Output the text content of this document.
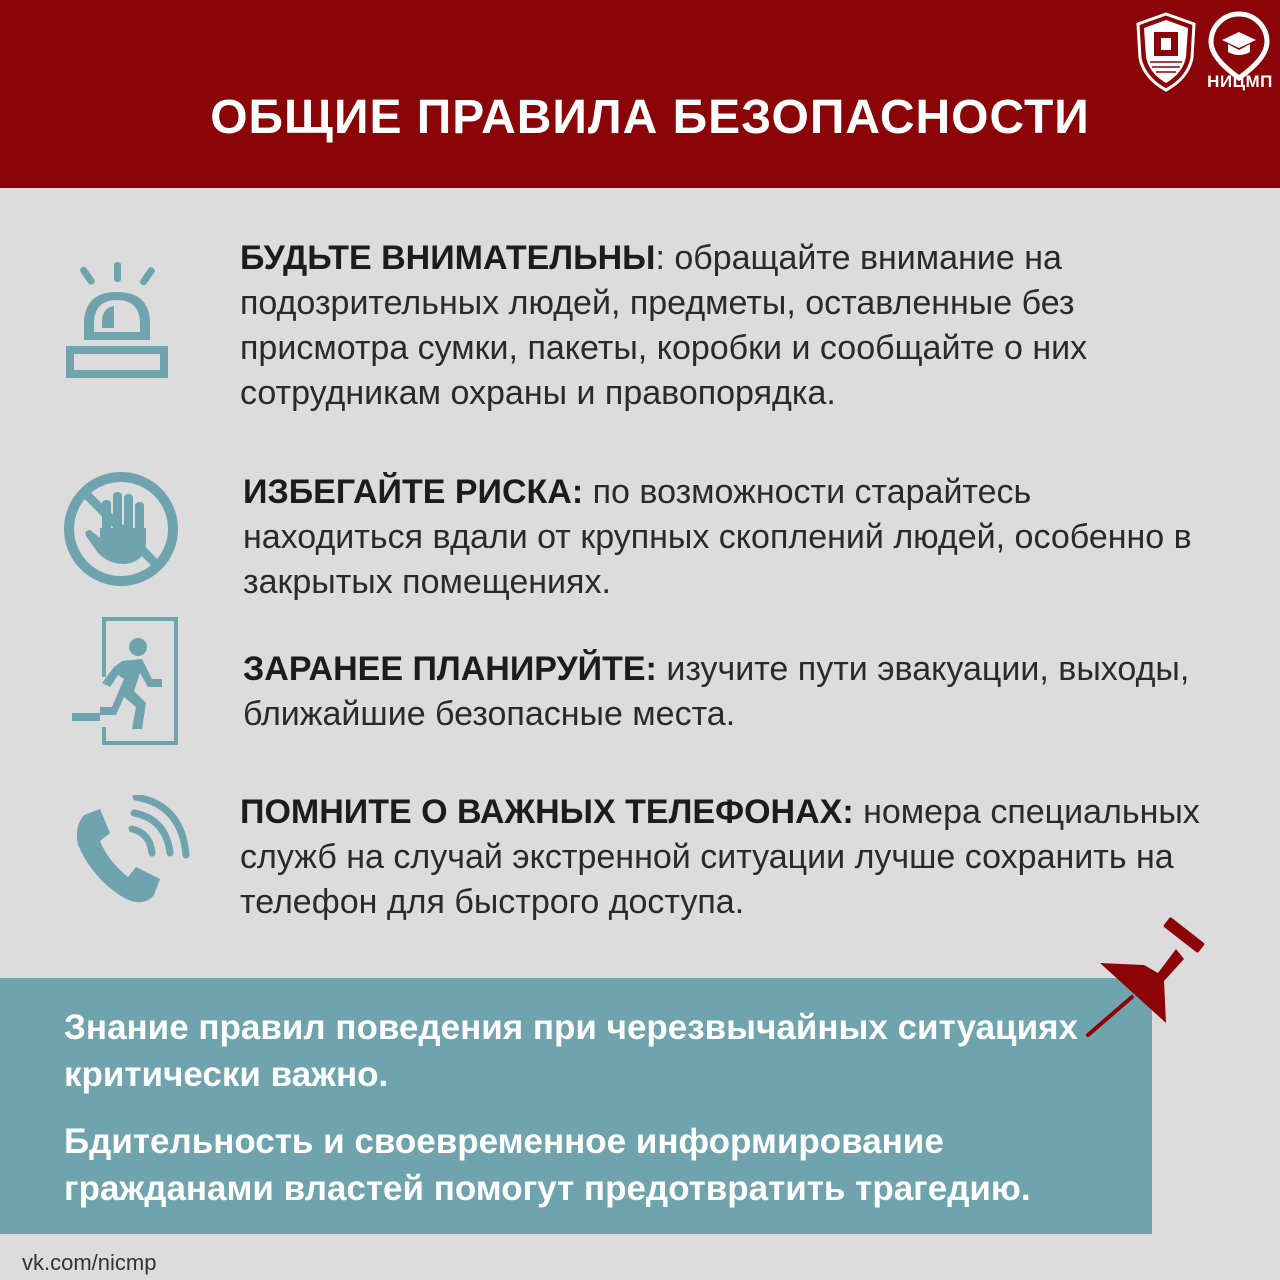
НИЦМП
ОБЩИЕ ПРАВИЛА БЕЗОПАСНОСТИ
БУДЬТЕ ВНИМАТЕЛЬНЫ: обращайте внимание на подозрительных людей, предметы, оставленные без присмотра сумки, пакеты, коробки и сообщайте о них сотрудникам охраны и правопорядка.
ИЗБЕГАЙТЕ РИСКА: по возможности старайтесь находиться вдали от крупных скоплений людей, особенно в закрытых помещениях.
ЗАРАНЕЕ ПЛАНИРУЙТЕ: изучите пути эвакуации, выходы, ближайшие безопасные места.
ПОМНИТЕ О ВАЖНЫХ ТЕЛЕФОНАХ: номера специальных служб на случай экстренной ситуации лучше сохранить на телефон для быстрого доступа.
Знание правил поведения при черезвычайных ситуациях критически важно.
Бдительность и своевременное информирование гражданами властей помогут предотвратить трагедию.
vk.com/nicmp
